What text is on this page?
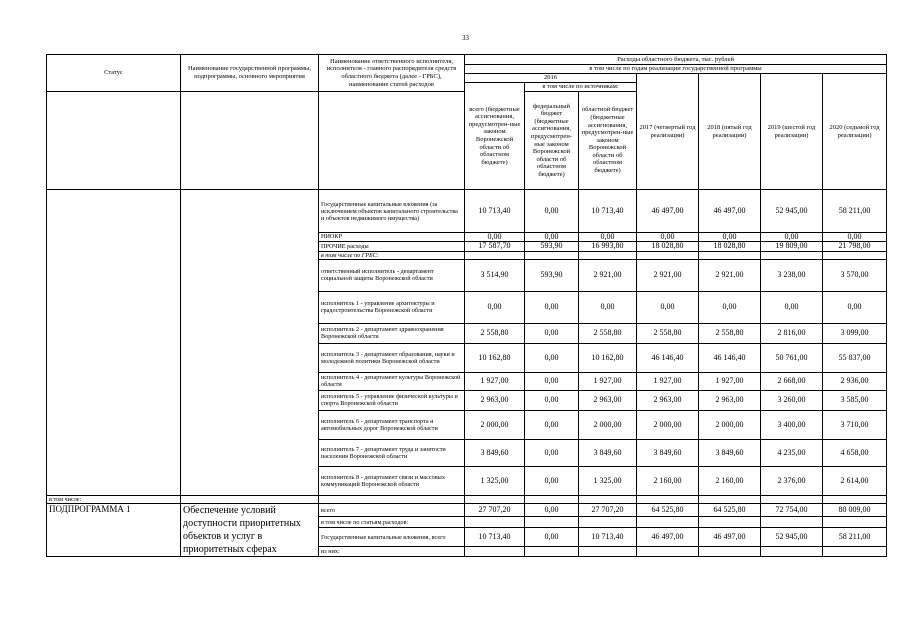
33
Статус	Наименование государственной программы, подпрограммы, основного мероприятия	Наименование ответственного исполнителя, исполнителя - главного распорядителя средств областного бюджета (далее - ГРБС), наименование статей расходов	Расходы областного бюджета, тыс. рублей						
			в том числе по годам реализации государственной программы						
			2016			2017 (четвертый год реализации)	2018 (пятый год реализации)	2019 (шестой год реализации)	2020 (седьмой год реализации)
			всего (бюджетные ассигнования, предусмотрен-ные законом Воронежской области об областном бюджете)	в том числе по источникам:					
				федеральный бюджет (бюджетные ассигнования, предусмотрен-ные законом Воронежской области об областном бюджете)	областной бюджет (бюджетные ассигнования, предусмотрен-ные законом Воронежской области об областном бюджете)				
		Государственные капитальные вложения (за исключением объектов капитального строительства и объектов недвижимого имущества)	10 713,40	0,00	10 713,40	46 497,00	46 497,00	52 945,00	58 211,00
		НИОКР	0,00	0,00	0,00	0,00	0,00	0,00	0,00
		ПРОЧИЕ расходы	17 587,70	593,90	16 993,80	18 028,80	18 028,80	19 809,00	21 798,00
		в том числе по ГРБС:							
		ответственный исполнитель - департамент социальной защиты Воронежской области	3 514,90	593,90	2 921,00	2 921,00	2 921,00	3 238,00	3 570,00
		исполнитель 1 - управление архитектуры и градостроительства Воронежской области	0,00	0,00	0,00	0,00	0,00	0,00	0,00
		исполнитель 2 - департамент здравоохранения Воронежской области	2 558,80	0,00	2 558,80	2 558,80	2 558,80	2 816,00	3 099,00
		исполнитель 3 - департамент образования, науки и молодежной политики Воронежской области	10 162,80	0,00	10 162,80	46 146,40	46 146,40	50 761,00	55 837,00
		исполнитель 4 - департамент культуры Воронежской области	1 927,00	0,00	1 927,00	1 927,00	1 927,00	2 668,00	2 936,00
		исполнитель 5 - управление физической культуры и спорта Воронежской области	2 963,00	0,00	2 963,00	2 963,00	2 963,00	3 260,00	3 585,00
		исполнитель 6 - департамент транспорта и автомобильных дорог Воронежской области	2 000,00	0,00	2 000,00	2 000,00	2 000,00	3 400,00	3 710,00
		исполнитель 7 - департамент труда и занятости населения Воронежской области	3 849,60	0,00	3 849,60	3 849,60	3 849,60	4 235,00	4 658,00
		исполнитель 8 - департамент связи и массовых коммуникаций Воронежской области	1 325,00	0,00	1 325,00	2 160,00	2 160,00	2 376,00	2 614,00
в том числе:									
ПОДПРОГРАММА 1	Обеспечение условий доступности приоритетных объектов и услуг в приоритетных сферах	всего	27 707,20	0,00	27 707,20	64 525,80	64 525,80	72 754,00	80 009,00
		в том числе по статьям расходов:							
		Государственные капитальные вложения, всего	10 713,40	0,00	10 713,40	46 497,00	46 497,00	52 945,00	58 211,00
		из них:							
